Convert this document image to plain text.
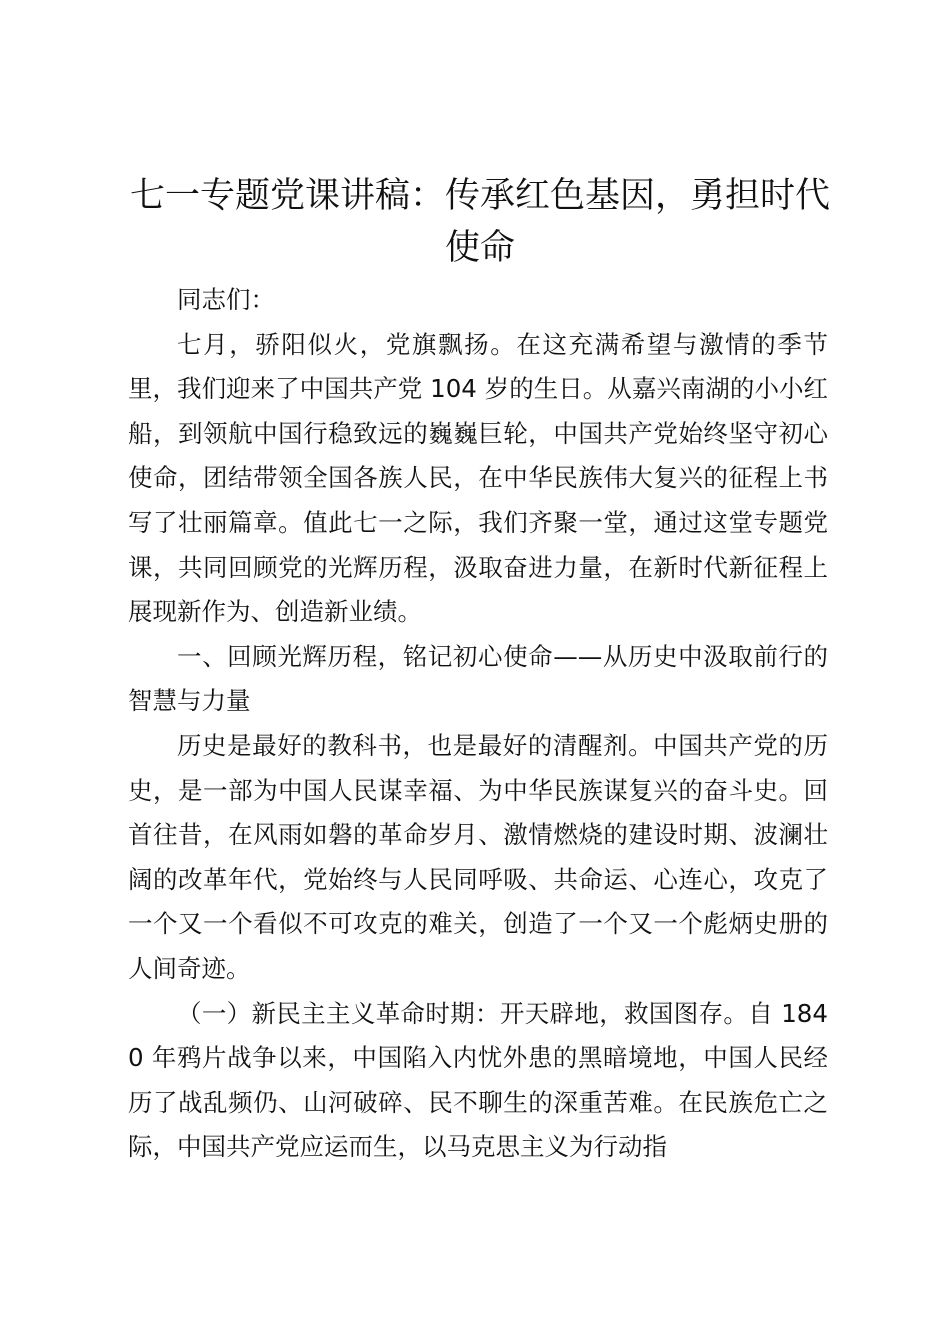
七一专题党课讲稿：传承红色基因，勇担时代使命

同志们：

七月，骄阳似火，党旗飘扬。在这充满希望与激情的季节里，我们迎来了中国共产党 104 岁的生日。从嘉兴南湖的小小红船，到领航中国行稳致远的巍巍巨轮，中国共产党始终坚守初心使命，团结带领全国各族人民，在中华民族伟大复兴的征程上书写了壮丽篇章。值此七一之际，我们齐聚一堂，通过这堂专题党课，共同回顾党的光辉历程，汲取奋进力量，在新时代新征程上展现新作为、创造新业绩。

一、回顾光辉历程，铭记初心使命——从历史中汲取前行的智慧与力量

历史是最好的教科书，也是最好的清醒剂。中国共产党的历史，是一部为中国人民谋幸福、为中华民族谋复兴的奋斗史。回首往昔，在风雨如磐的革命岁月、激情燃烧的建设时期、波澜壮阔的改革年代，党始终与人民同呼吸、共命运、心连心，攻克了一个又一个看似不可攻克的难关，创造了一个又一个彪炳史册的人间奇迹。

（一）新民主主义革命时期：开天辟地，救国图存。自 1840 年鸦片战争以来，中国陷入内忧外患的黑暗境地，中国人民经历了战乱频仍、山河破碎、民不聊生的深重苦难。在民族危亡之际，中国共产党应运而生，以马克思主义为行动指
